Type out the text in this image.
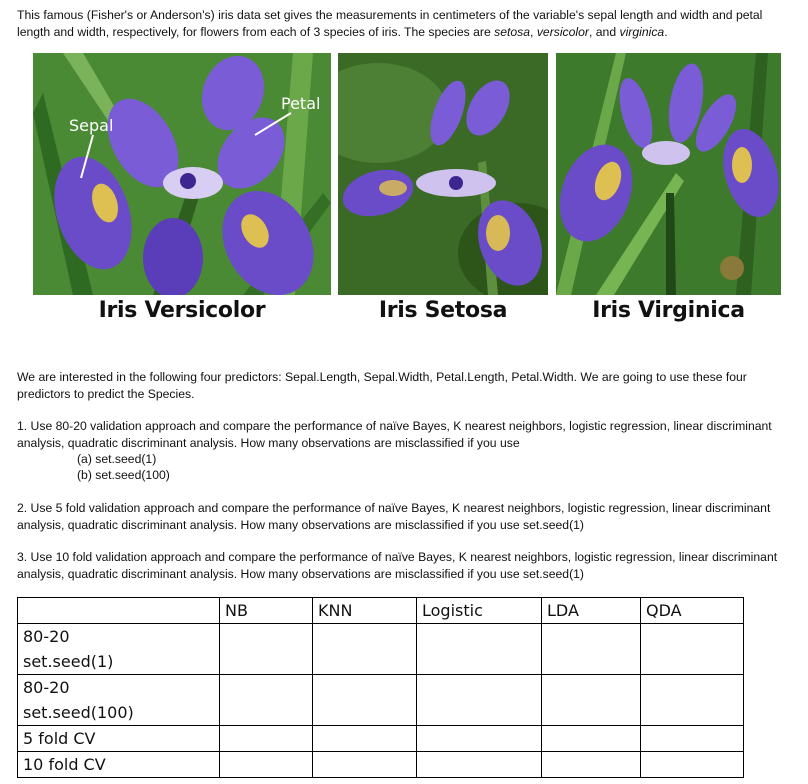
This famous (Fisher's or Anderson's) iris data set gives the measurements in centimeters of the variable's sepal length and width and petal length and width, respectively, for flowers from each of 3 species of iris. The species are setosa, versicolor, and virginica.

Sepal
Petal
Iris Versicolor	Iris Setosa	Iris Virginica

We are interested in the following four predictors: Sepal.Length, Sepal.Width, Petal.Length, Petal.Width. We are going to use these four predictors to predict the Species.

1. Use 80-20 validation approach and compare the performance of naïve Bayes, K nearest neighbors, logistic regression, linear discriminant analysis, quadratic discriminant analysis. How many observations are misclassified if you use

(a) set.seed(1)
(b) set.seed(100)

2. Use 5 fold validation approach and compare the performance of naïve Bayes, K nearest neighbors, logistic regression, linear discriminant analysis, quadratic discriminant analysis. How many observations are misclassified if you use set.seed(1)

3. Use 10 fold validation approach and compare the performance of naïve Bayes, K nearest neighbors, logistic regression, linear discriminant analysis, quadratic discriminant analysis. How many observations are misclassified if you use set.seed(1)

	NB	KNN	Logistic	LDA	QDA

80-20
set.seed(1)					

80-20
set.seed(100)					

5 fold CV					
10 fold CV					
